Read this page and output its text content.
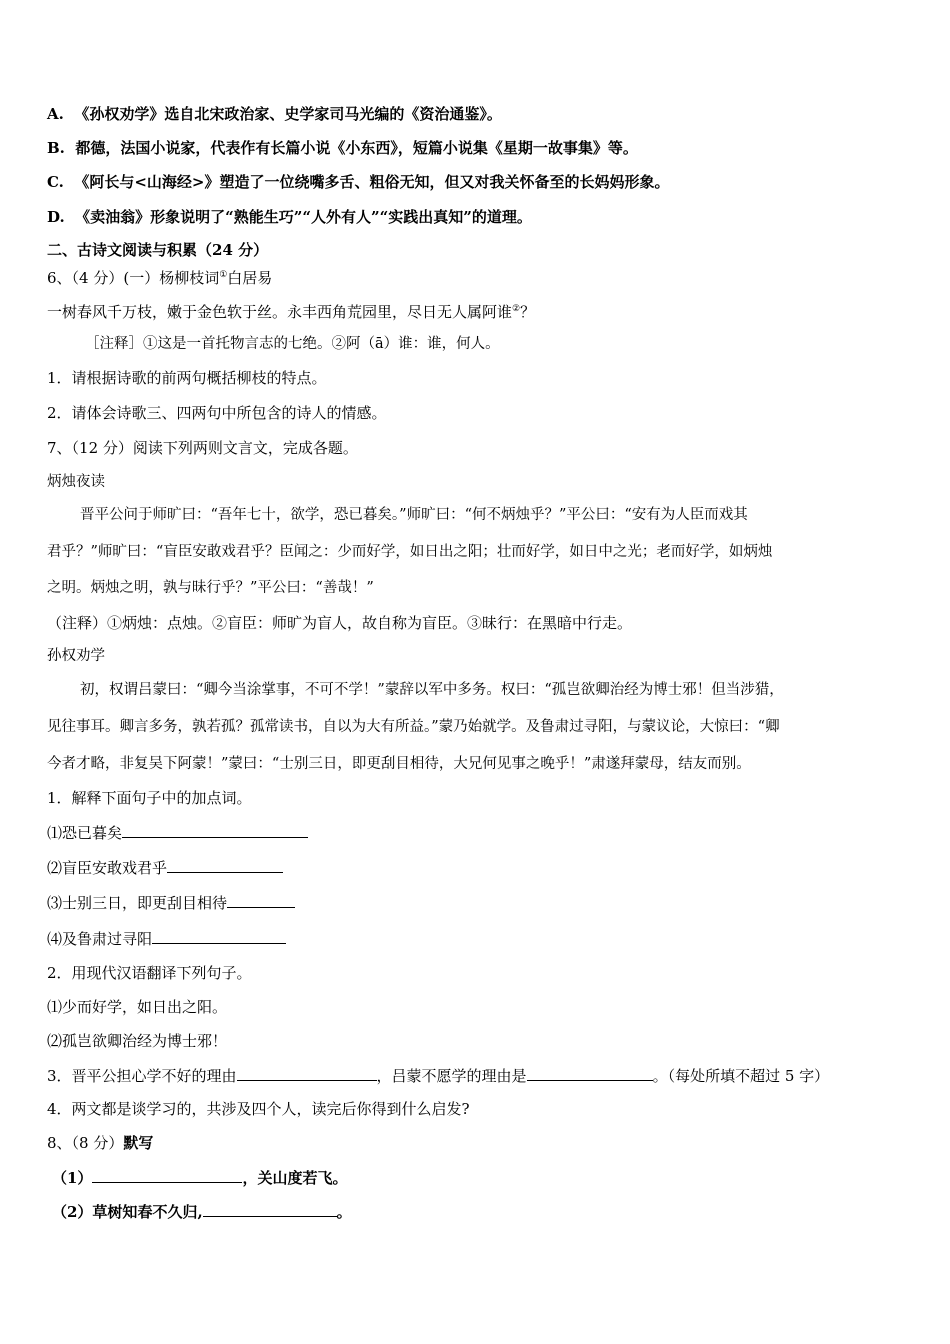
A. 《孙权劝学》选自北宋政治家、史学家司马光编的《资治通鉴》。
B. 都德，法国小说家，代表作有长篇小说《小东西》，短篇小说集《星期一故事集》等。
C. 《阿长与<山海经>》塑造了一位绕嘴多舌、粗俗无知，但又对我关怀备至的长妈妈形象。
D. 《卖油翁》形象说明了“熟能生巧”“人外有人”“实践出真知”的道理。
二、古诗文阅读与积累（24 分）
6、（4 分）(一）杨柳枝词①白居易
一树春风千万枝，嫩于金色软于丝。永丰西角荒园里，尽日无人属阿谁②？
［注释］①这是一首托物言志的七绝。②阿（ā）谁：谁，何人。
1．请根据诗歌的前两句概括柳枝的特点。
2．请体会诗歌三、四两句中所包含的诗人的情感。
7、（12 分）阅读下列两则文言文，完成各题。
炳烛夜读
晋平公问于师旷曰：“吾年七十，欲学，恐已暮矣。”师旷曰：“何不炳烛乎？”平公曰：“安有为人臣而戏其
君乎？”师旷曰：“盲臣安敢戏君乎？臣闻之：少而好学，如日出之阳；壮而好学，如日中之光；老而好学，如炳烛
之明。炳烛之明，孰与昧行乎？”平公曰：“善哉！”
（注释）①炳烛：点烛。②盲臣：师旷为盲人，故自称为盲臣。③昧行：在黑暗中行走。
孙权劝学
初，权谓吕蒙曰：“卿今当涂掌事，不可不学！”蒙辞以军中多务。权曰：“孤岂欲卿治经为博士邪！但当涉猎，
见往事耳。卿言多务，孰若孤？孤常读书，自以为大有所益。”蒙乃始就学。及鲁肃过寻阳，与蒙议论，大惊曰：“卿
今者才略，非复吴下阿蒙！”蒙曰：“士别三日，即更刮目相待，大兄何见事之晚乎！”肃遂拜蒙母，结友而别。
1．解释下面句子中的加点词。
⑴恐已暮矣
⑵盲臣安敢戏君乎
⑶士别三日，即更刮目相待
⑷及鲁肃过寻阳
2．用现代汉语翻译下列句子。
⑴少而好学，如日出之阳。
⑵孤岂欲卿治经为博士邪！
3．晋平公担心学不好的理由	，吕蒙不愿学的理由是	。（每处所填不超过 5 字）
4．两文都是谈学习的，共涉及四个人，读完后你得到什么启发?
8、（8 分）默写
（1）	，关山度若飞。
（2）草树知春不久归,	。
